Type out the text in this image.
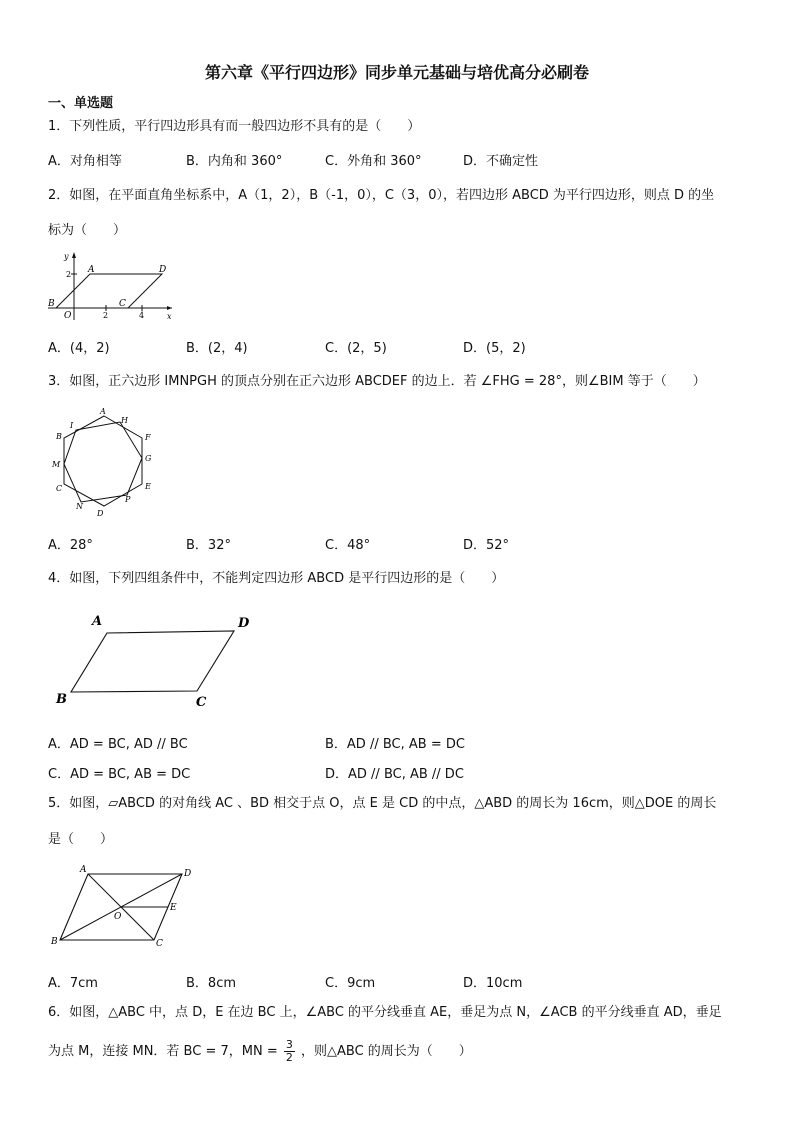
第六章《平行四边形》同步单元基础与培优高分必刷卷
一、单选题
1．下列性质，平行四边形具有而一般四边形不具有的是（　　）
A．对角相等	B．内角和 360°	C．外角和 360°	D．不确定性
2．如图，在平面直角坐标系中，A（1，2），B（-1，0），C（3，0），若四边形 ABCD 为平行四边形，则点 D 的坐
标为（　　）
y
x
2
2	4
A	D
B	C
O
A．(4，2)	B．(2，4)	C．(2，5)	D．(5，2)
3．如图，正六边形 IMNPGH 的顶点分别在正六边形 ABCDEF 的边上．若 ∠FHG = 28°，则∠BIM 等于（　　）
A
H
I
B	F
G
M
C	E
N
P
D
A．28°	B．32°	C．48°	D．52°
4．如图，下列四组条件中，不能判定四边形 ABCD 是平行四边形的是（　　）
A	D
B	C
A．AD = BC, AD // BC	B．AD // BC, AB = DC
C．AD = BC, AB = DC	D．AD // BC, AB // DC
5．如图，▱ABCD 的对角线 AC 、BD 相交于点 O，点 E 是 CD 的中点，△ABD 的周长为 16cm，则△DOE 的周长
是（　　）
A	D
O
E
B	C
A．7cm	B．8cm	C．9cm	D．10cm
6．如图，△ABC 中，点 D，E 在边 BC 上，∠ABC 的平分线垂直 AE，垂足为点 N，∠ACB 的平分线垂直 AD，垂足
为点 M，连接 MN．若 BC = 7，MN = $\frac{3}{2}$ ，则△ABC 的周长为（　　）
